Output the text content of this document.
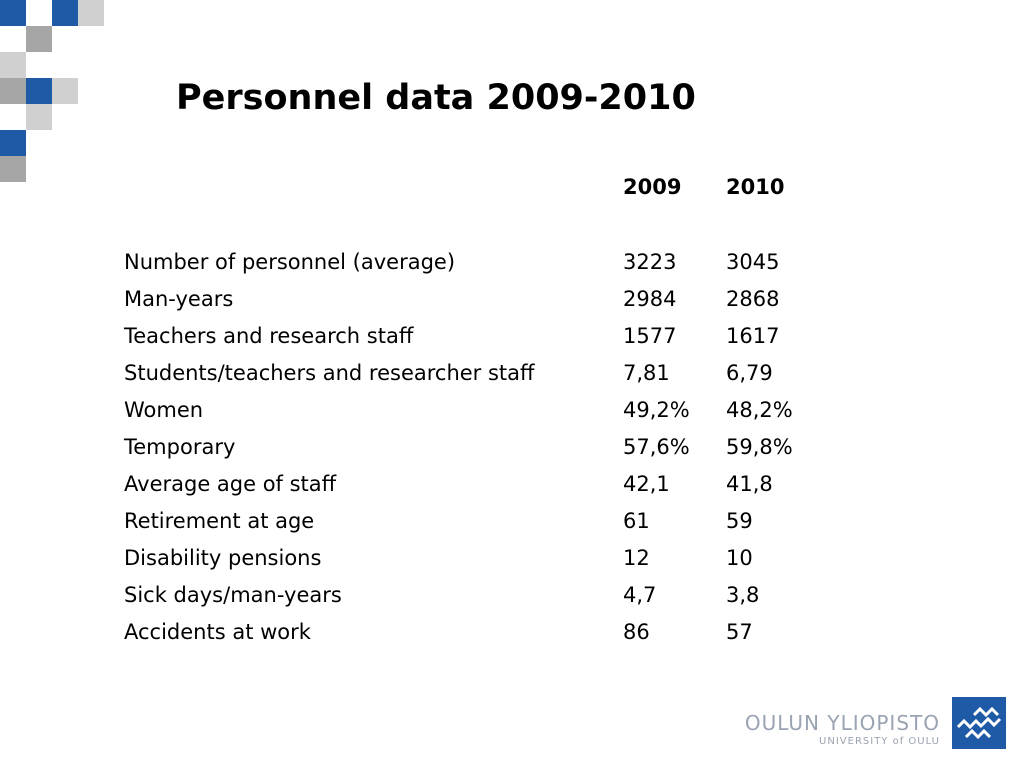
Personnel data 2009-2010
2009 2010
Number of personnel (average)	3223 3045
Man-years	2984 2868
Teachers and research staff	1577 1617
Students/teachers and researcher staff	7,81	6,79
Women	49,2% 48,2%
Temporary	57,6% 59,8%
Average age of staff	42,1	41,8
Retirement at age	61	59
Disability pensions	12	10
Sick days/man-years	4,7	3,8
Accidents at work	86	57
OULUN YLIOPISTO
UNIVERSITY of OULU
